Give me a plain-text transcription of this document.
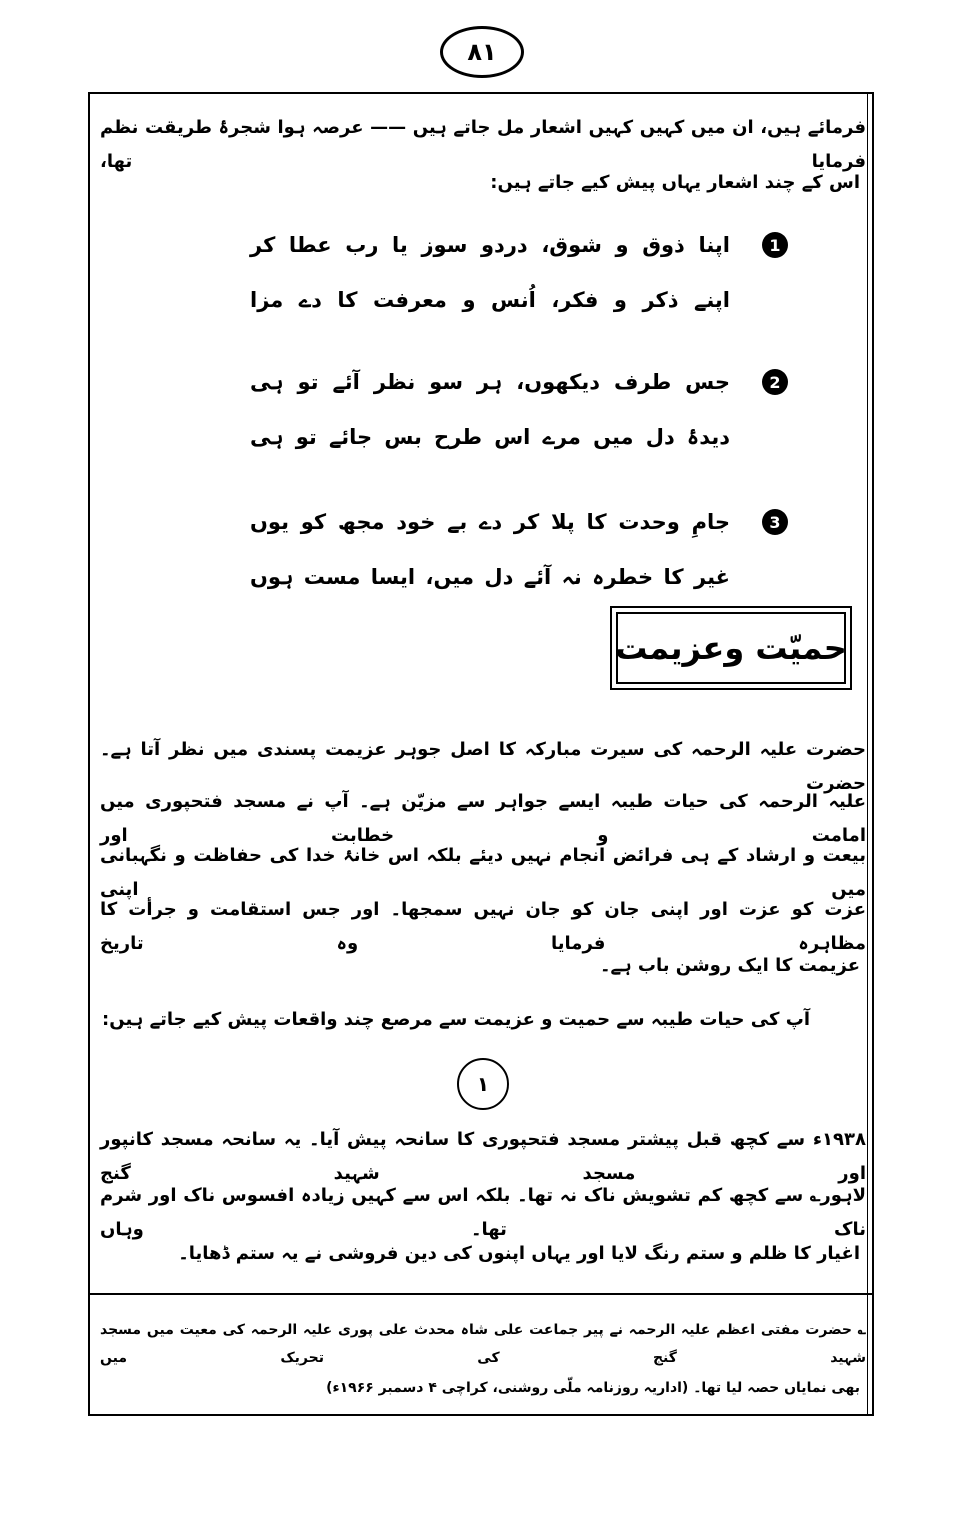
٨١
فرمائے ہیں، ان میں کہیں کہیں اشعار مل جاتے ہیں —— عرصہ ہوا شجرۂ طریقت نظم فرمایا تھا،
اس کے چند اشعار یہاں پیش کیے جاتے ہیں:
1
اپنا ذوق و شوق، دردو سوز یا رب عطا کر
اپنے ذکر و فکر، اُنس و معرفت کا دے مزا
2
جس طرف دیکھوں، ہر سو نظر آئے تو ہی
دیدۂ دل میں مرے اس طرح بس جائے تو ہی
3
جامِ وحدت کا پلا کر دے بے خود مجھ کو یوں
غیر کا خطرہ نہ آئے دل میں، ایسا مست ہوں
حمیّت وعزیمت
حضرت علیہ الرحمہ کی سیرت مبارکہ کا اصل جوہر عزیمت پسندی میں نظر آتا ہے۔ حضرت
علیہ الرحمہ کی حیات طیبہ ایسے جواہر سے مزیّن ہے۔ آپ نے مسجد فتحپوری میں امامت و خطابت اور
بیعت و ارشاد کے ہی فرائض انجام نہیں دیئے بلکہ اس خانۂ خدا کی حفاظت و نگہبانی میں اپنی
عزت کو عزت اور اپنی جان کو جان نہیں سمجھا۔ اور جس استقامت و جرأت کا مظاہرہ فرمایا وہ تاریخ
عزیمت کا ایک روشن باب ہے۔
آپ کی حیات طیبہ سے حمیت و عزیمت سے مرصع چند واقعات پیش کیے جاتے ہیں:
١
۱۹۳۸ء سے کچھ قبل پیشتر مسجد فتحپوری کا سانحہ پیش آیا۔ یہ سانحہ مسجد کانپور اور مسجد شہید گنج
لاہور؎ سے کچھ کم تشویش ناک نہ تھا۔ بلکہ اس سے کہیں زیادہ افسوس ناک اور شرم ناک تھا۔ وہاں
اغیار کا ظلم و ستم رنگ لایا اور یہاں اپنوں کی دین فروشی نے یہ ستم ڈھایا۔
؎ حضرت مفتی اعظم علیہ الرحمہ نے پیر جماعت علی شاہ محدث علی پوری علیہ الرحمہ کی معیت میں مسجد شہید گنج کی تحریک میں
بھی نمایاں حصہ لیا تھا۔ (اداریہ روزنامہ ملّی روشنی، کراچی ۴ دسمبر ۱۹۶۶ء)
